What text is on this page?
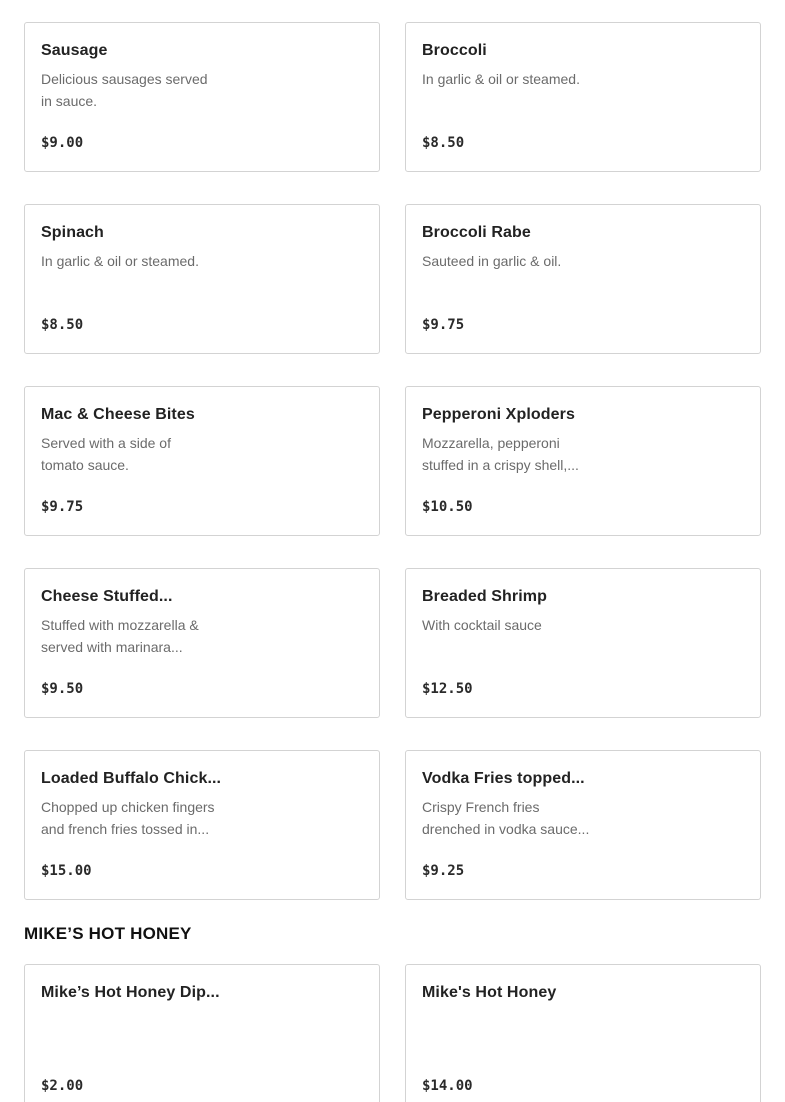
Sausage
Delicious sausages served
in sauce.
$9.00
Broccoli
In garlic & oil or steamed.
$8.50
Spinach
In garlic & oil or steamed.
$8.50
Broccoli Rabe
Sauteed in garlic & oil.
$9.75
Mac & Cheese Bites
Served with a side of
tomato sauce.
$9.75
Pepperoni Xploders
Mozzarella, pepperoni
stuffed in a crispy shell,...
$10.50
Cheese Stuffed...
Stuffed with mozzarella &
served with marinara...
$9.50
Breaded Shrimp
With cocktail sauce
$12.50
Loaded Buffalo Chick...
Chopped up chicken fingers
and french fries tossed in...
$15.00
Vodka Fries topped...
Crispy French fries
drenched in vodka sauce...
$9.25
MIKE’S HOT HONEY
Mike’s Hot Honey Dip...
$2.00
Mike's Hot Honey
$14.00
